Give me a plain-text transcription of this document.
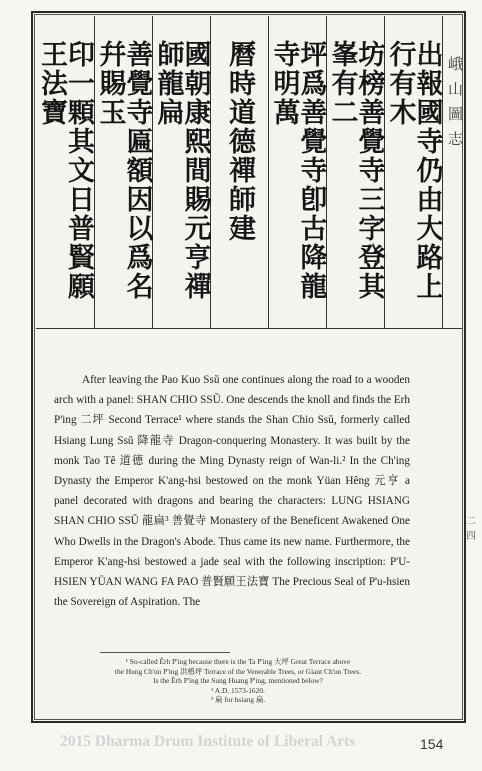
出報國寺仍由大路上行有木
坊榜善覺寺三字登其峯有二
坪爲善覺寺卽古降龍寺明萬
曆時道德禪師建
國朝康熙間賜元亨禪師龍扁
善覺寺匾額因以爲名幷賜玉
印一顆其文日普賢願王法寶	峨山圖志

After leaving the Pao Kuo Ssŭ one continues along the road to a wooden arch with a panel: SHAN CHIO SSŬ. One descends the knoll and finds the Erh P'ing 二坪 Second Terrace¹ where stands the Shan Chio Ssŭ, formerly called Hsiang Lung Ssŭ 降龍寺 Dragon-conquering Monastery. It was built by the monk Tao Tê 道德 during the Ming Dynasty reign of Wan-li.² In the Ch'ing Dynasty the Emperor K'ang-hsi bestowed on the monk Yüan Hêng 元亨 a panel decorated with dragons and bearing the characters: LUNG HSIANG SHAN CHIO SSŬ 龍扁³ 善覺寺 Monastery of the Beneficent Awakened One Who Dwells in the Dragon's Abode. Thus came its new name. Furthermore, the Emperor K'ang-hsi bestowed a jade seal with the following inscription: P'U-HSIEN YÜAN WANG FA PAO 普賢願王法寶 The Precious Seal of P'u-hsien the Sovereign of Aspiration. The

¹ So-called Êrh P'ing because there is the Ta P'ing 大坪 Great Terrace above
the Hung Ch'un P'ing 洪椿坪 Terrace of the Venerable Trees, or Giant Ch'un Trees.
Is the Êrh P'ing the Sung Huang P'ing, mentioned below?
² A.D. 1573-1620.
³ 扁 for hsiang 扁.
二四
2015 Dharma Drum Institute of Liberal Arts	154
